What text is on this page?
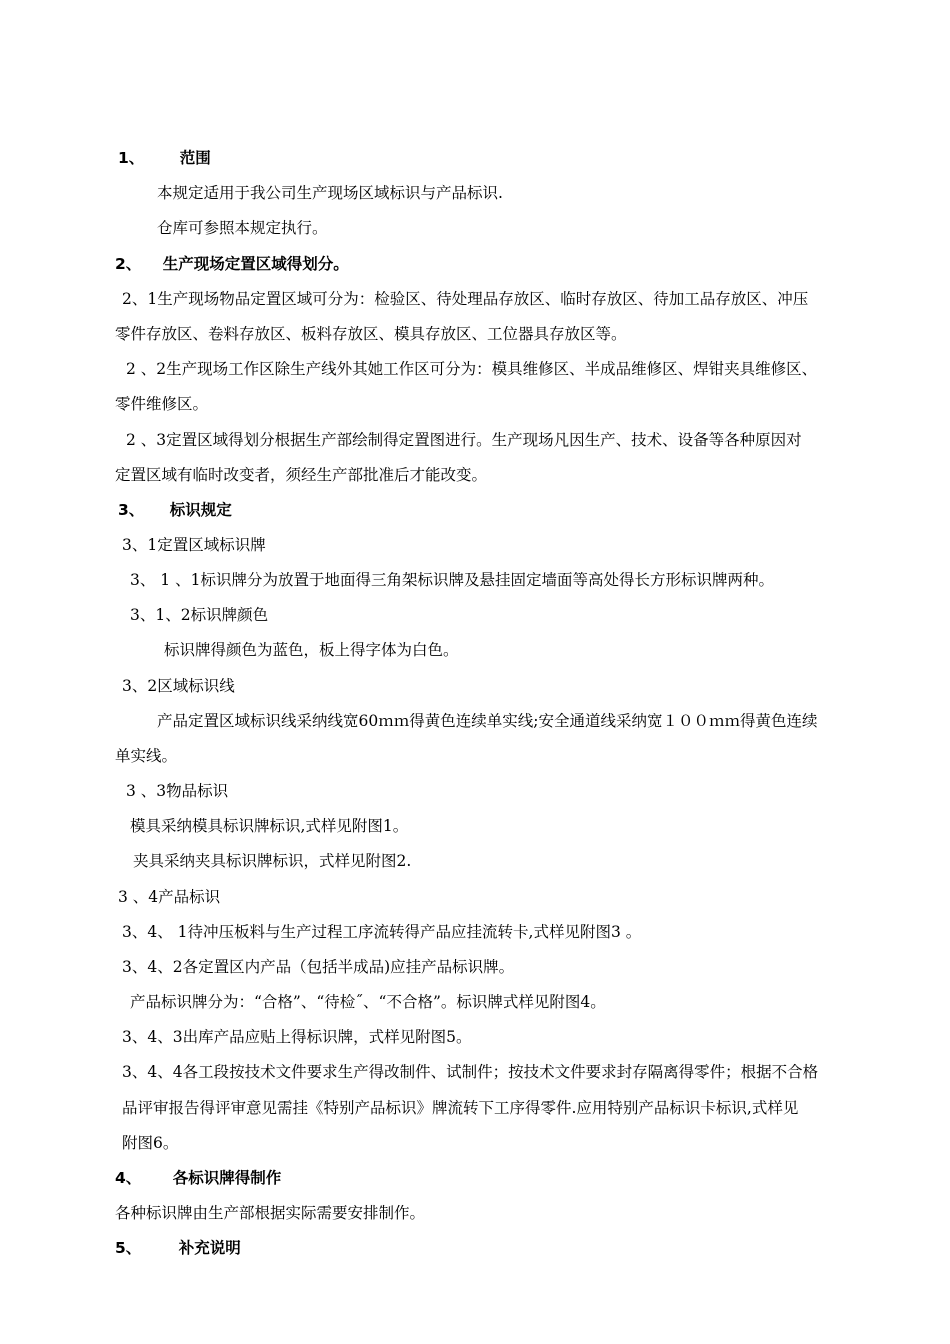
1、 范围
本规定适用于我公司生产现场区域标识与产品标识.
仓库可参照本规定执行。
2、 生产现场定置区域得划分。
2、1生产现场物品定置区域可分为：检验区、待处理品存放区、临时存放区、待加工品存放区、冲压
零件存放区、卷料存放区、板料存放区、模具存放区、工位器具存放区等。
2 、2生产现场工作区除生产线外其她工作区可分为：模具维修区、半成品维修区、焊钳夹具维修区、
零件维修区。
2 、3定置区域得划分根据生产部绘制得定置图进行。生产现场凡因生产、技术、设备等各种原因对
定置区域有临时改变者，须经生产部批准后才能改变。
3、 标识规定
3、1定置区域标识牌
3、 1 、1标识牌分为放置于地面得三角架标识牌及悬挂固定墙面等高处得长方形标识牌两种。
3、1、2标识牌颜色
标识牌得颜色为蓝色，板上得字体为白色。
3、2区域标识线
产品定置区域标识线采纳线宽60ｍｍ得黄色连续单实线;安全通道线采纳宽１００ｍｍ得黄色连续
单实线。
3 、3物品标识
模具采纳模具标识牌标识,式样见附图1。
夹具采纳夹具标识牌标识，式样见附图2.
3 、4产品标识
3、4、 1待冲压板料与生产过程工序流转得产品应挂流转卡,式样见附图3 。
3、4、2各定置区内产品（包括半成品)应挂产品标识牌。
产品标识牌分为：“合格”、“待检˝、“不合格”。标识牌式样见附图4。
3、4、3出库产品应贴上得标识牌，式样见附图5。
3、4、4各工段按技术文件要求生产得改制件、试制件；按技术文件要求封存隔离得零件；根据不合格
品评审报告得评审意见需挂《特别产品标识》牌流转下工序得零件.应用特别产品标识卡标识,式样见
附图6。
4、 各标识牌得制作
各种标识牌由生产部根据实际需要安排制作。
5、 补充说明
